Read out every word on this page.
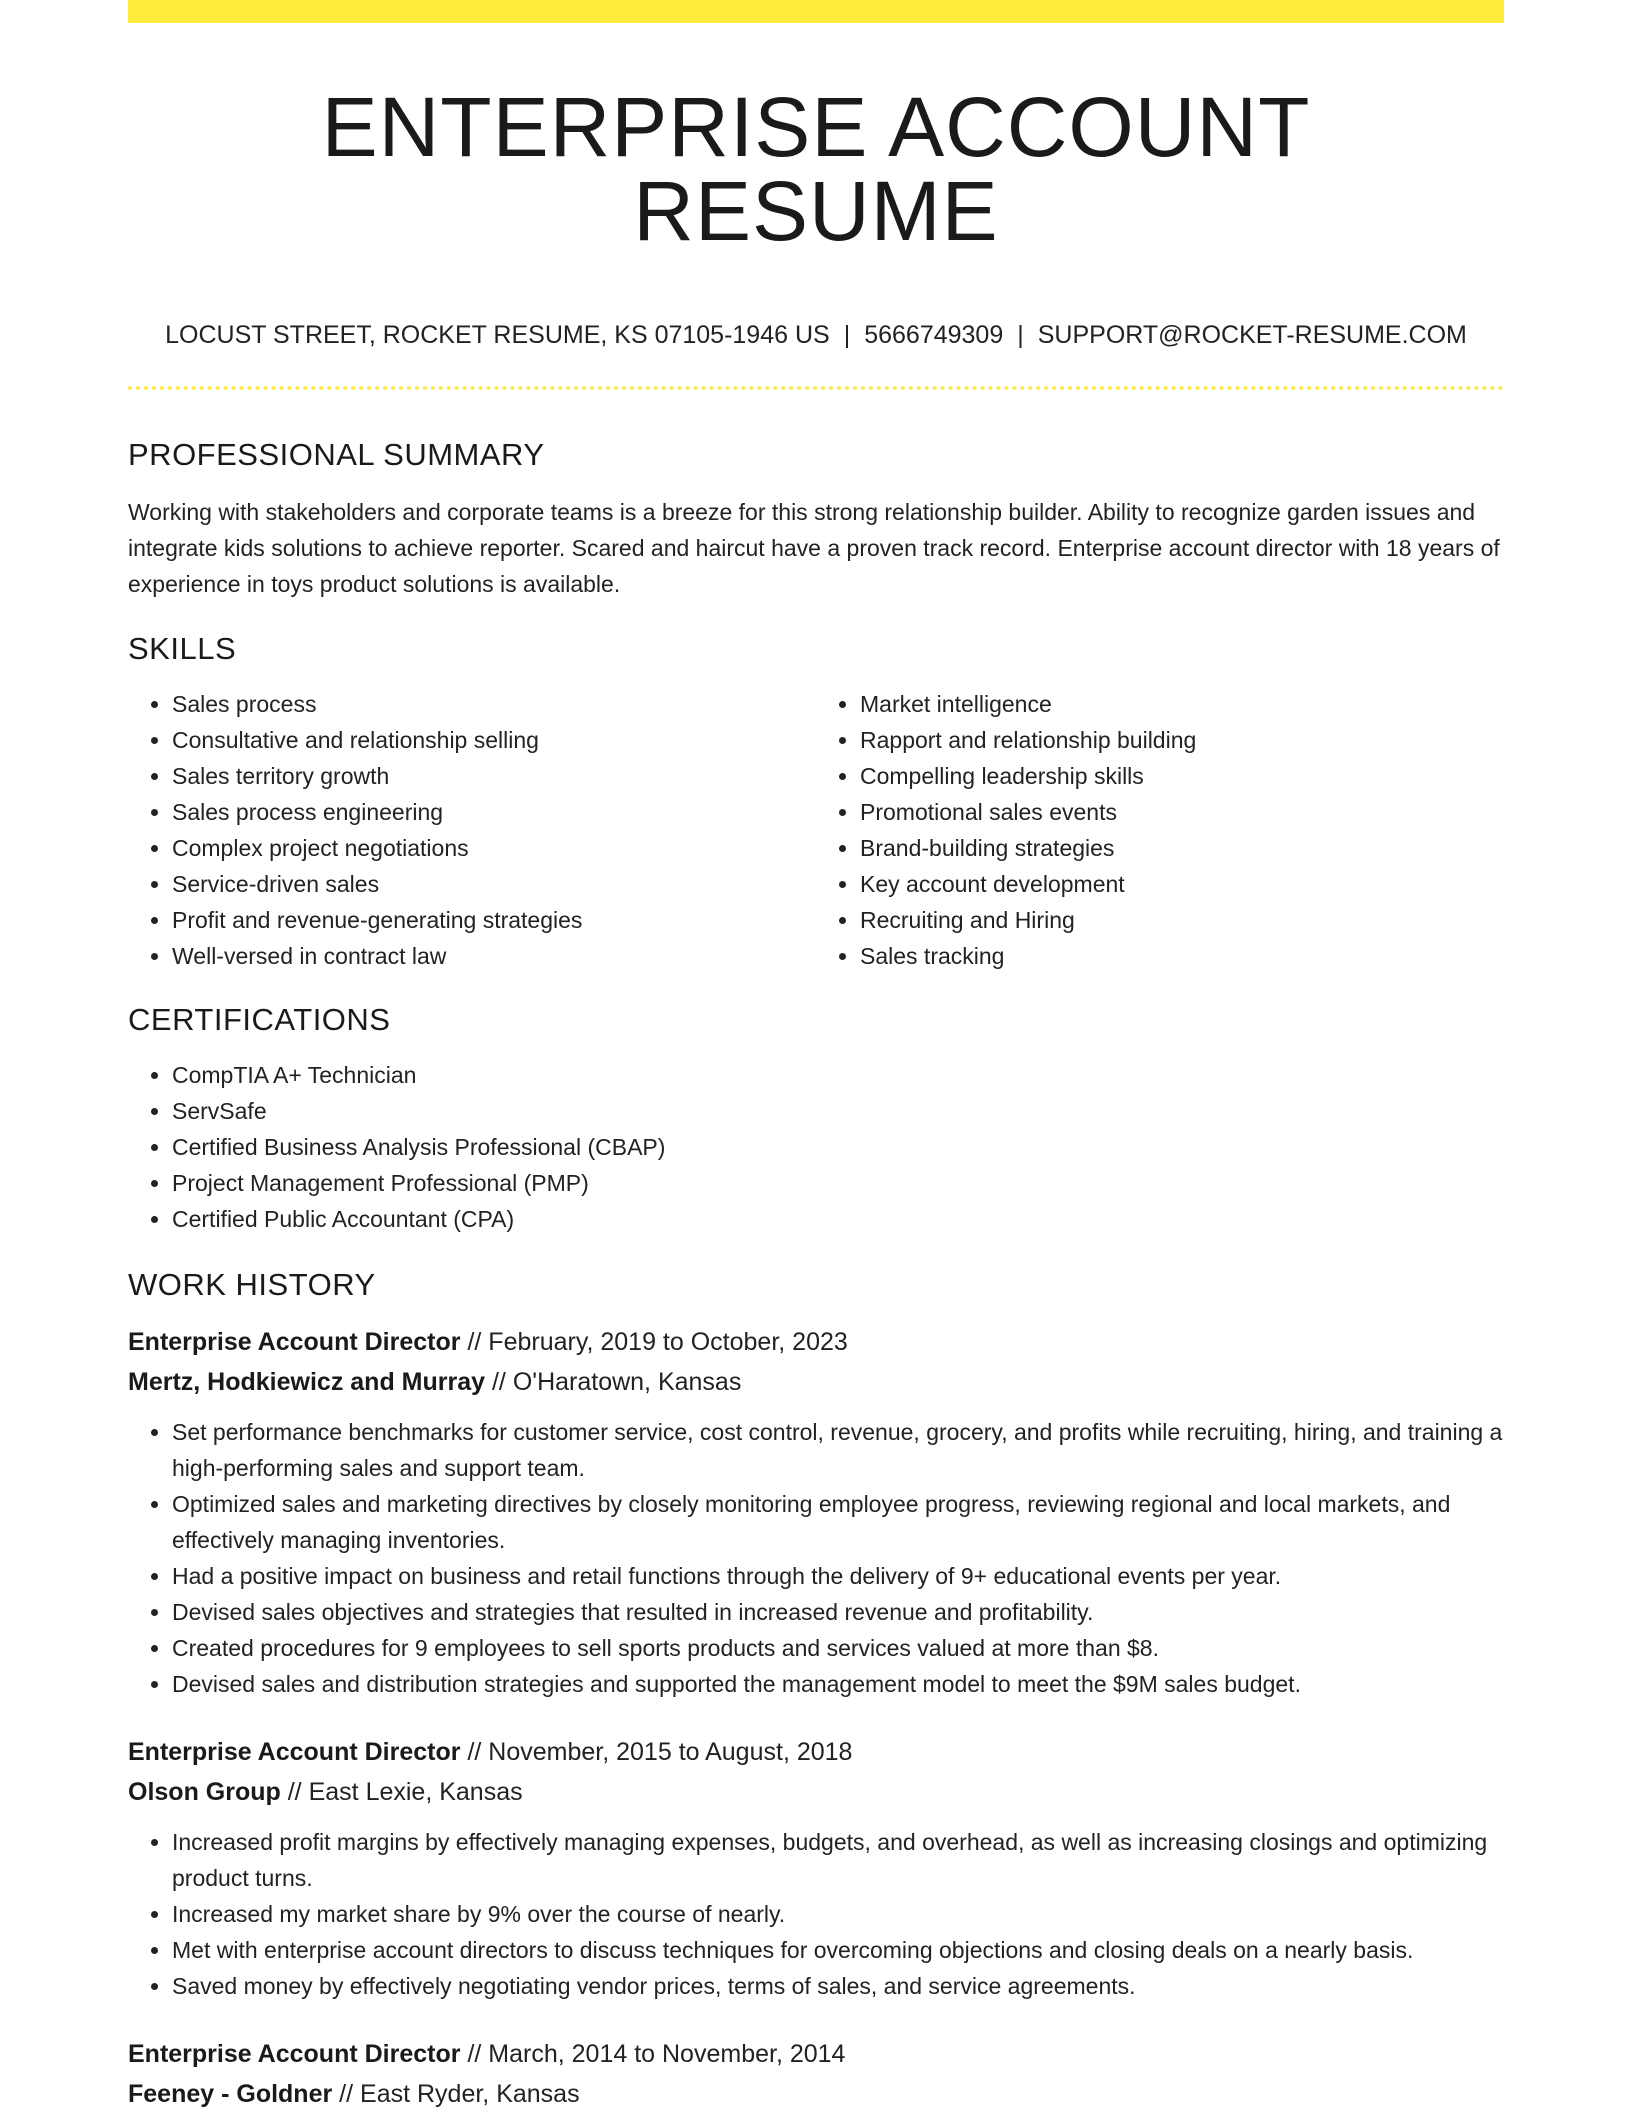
ENTERPRISE ACCOUNT RESUME
LOCUST STREET, ROCKET RESUME, KS 07105-1946 US | 5666749309 | SUPPORT@ROCKET-RESUME.COM
PROFESSIONAL SUMMARY

Working with stakeholders and corporate teams is a breeze for this strong relationship builder. Ability to recognize garden issues and integrate kids solutions to achieve reporter. Scared and haircut have a proven track record. Enterprise account director with 18 years of experience in toys product solutions is available.

SKILLS
• Sales process
• Consultative and relationship selling
• Sales territory growth
• Sales process engineering
• Complex project negotiations
• Service-driven sales
• Profit and revenue-generating strategies
• Well-versed in contract law
• Market intelligence
• Rapport and relationship building
• Compelling leadership skills
• Promotional sales events
• Brand-building strategies
• Key account development
• Recruiting and Hiring
• Sales tracking
CERTIFICATIONS
• CompTIA A+ Technician
• ServSafe
• Certified Business Analysis Professional (CBAP)
• Project Management Professional (PMP)
• Certified Public Accountant (CPA)
WORK HISTORY
Enterprise Account Director // February, 2019 to October, 2023
Mertz, Hodkiewicz and Murray // O'Haratown, Kansas
• Set performance benchmarks for customer service, cost control, revenue, grocery, and profits while recruiting, hiring, and training a high-performing sales and support team.
• Optimized sales and marketing directives by closely monitoring employee progress, reviewing regional and local markets, and effectively managing inventories.
• Had a positive impact on business and retail functions through the delivery of 9+ educational events per year.
• Devised sales objectives and strategies that resulted in increased revenue and profitability.
• Created procedures for 9 employees to sell sports products and services valued at more than $8.
• Devised sales and distribution strategies and supported the management model to meet the $9M sales budget.
Enterprise Account Director // November, 2015 to August, 2018
Olson Group // East Lexie, Kansas
• Increased profit margins by effectively managing expenses, budgets, and overhead, as well as increasing closings and optimizing product turns.
• Increased my market share by 9% over the course of nearly.
• Met with enterprise account directors to discuss techniques for overcoming objections and closing deals on a nearly basis.
• Saved money by effectively negotiating vendor prices, terms of sales, and service agreements.
Enterprise Account Director // March, 2014 to November, 2014
Feeney - Goldner // East Ryder, Kansas
